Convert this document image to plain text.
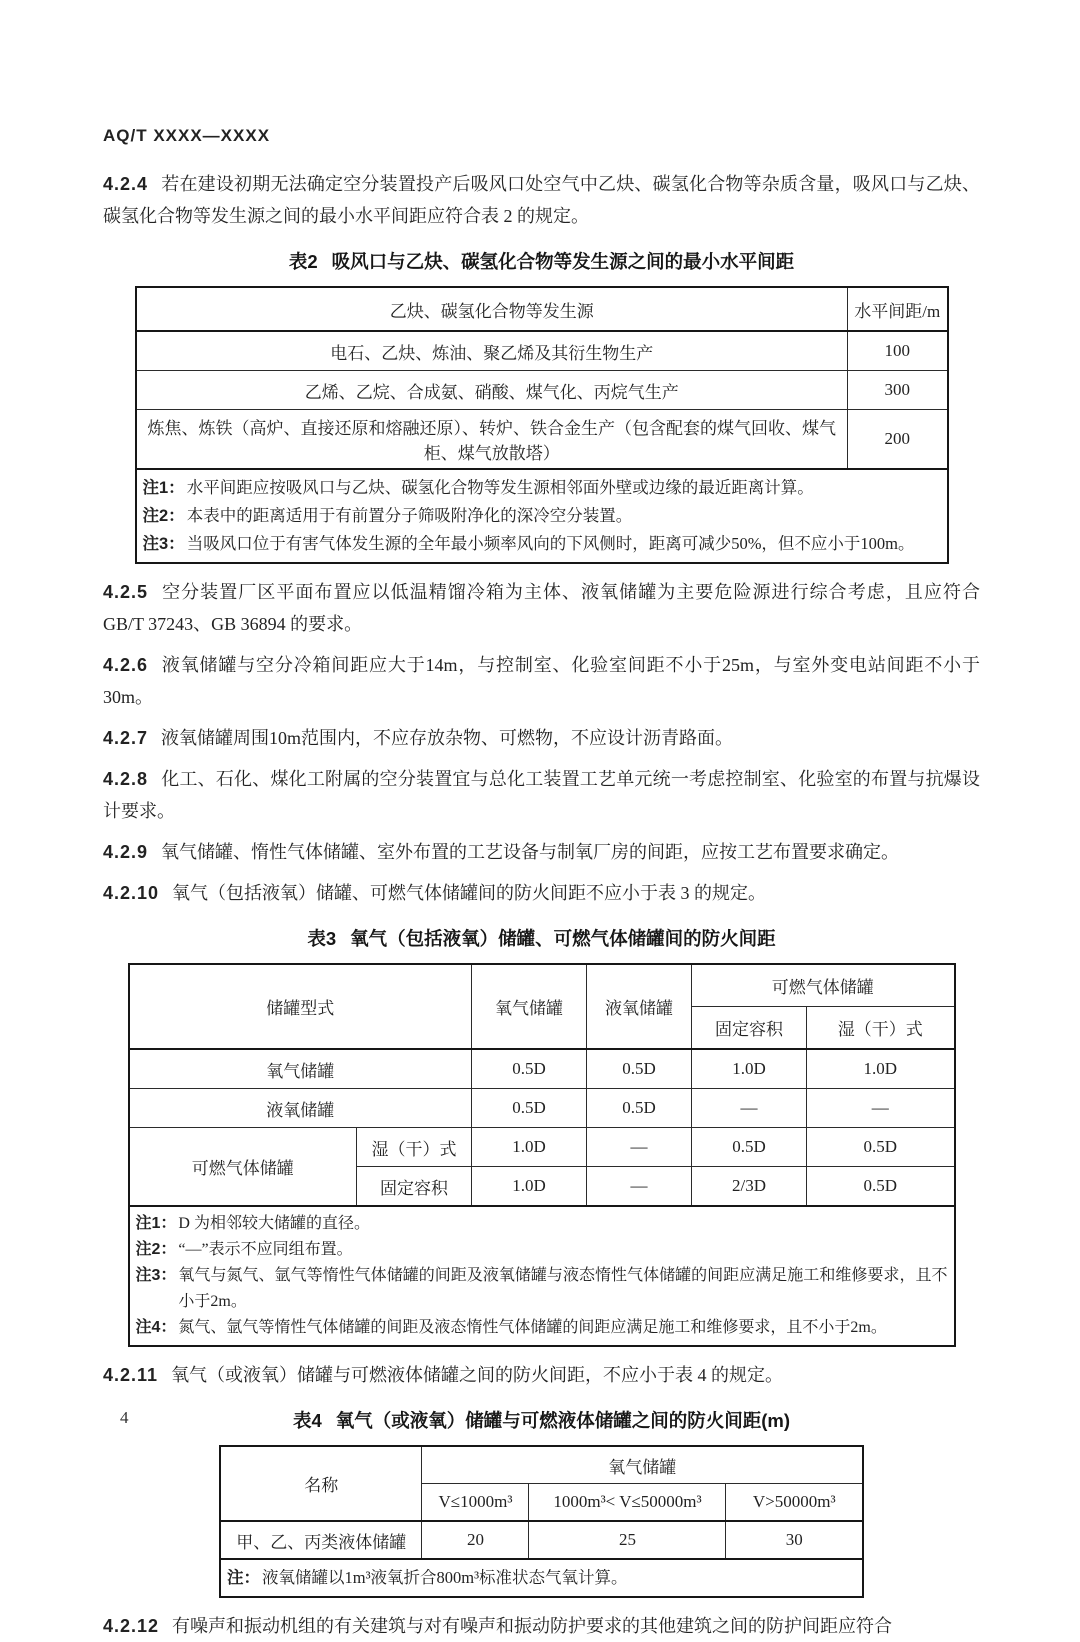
AQ/T XXXX—XXXX

4.2.4 若在建设初期无法确定空分装置投产后吸风口处空气中乙炔、碳氢化合物等杂质含量，吸风口与乙炔、碳氢化合物等发生源之间的最小水平间距应符合表 2 的规定。

表2 吸风口与乙炔、碳氢化合物等发生源之间的最小水平间距
乙炔、碳氢化合物等发生源	水平间距/m
电石、乙炔、炼油、聚乙烯及其衍生物生产	100
乙烯、乙烷、合成氨、硝酸、煤气化、丙烷气生产	300
炼焦、炼铁（高炉、直接还原和熔融还原）、转炉、铁合金生产（包含配套的煤气回收、煤气柜、煤气放散塔）	200

注1： 水平间距应按吸风口与乙炔、碳氢化合物等发生源相邻面外壁或边缘的最近距离计算。
注2： 本表中的距离适用于有前置分子筛吸附净化的深冷空分装置。
注3： 当吸风口位于有害气体发生源的全年最小频率风向的下风侧时，距离可减少50%，但不应小于100m。

4.2.5 空分装置厂区平面布置应以低温精馏冷箱为主体、液氧储罐为主要危险源进行综合考虑，且应符合 GB/T 37243、GB 36894 的要求。

4.2.6 液氧储罐与空分冷箱间距应大于14m，与控制室、化验室间距不小于25m，与室外变电站间距不小于30m。

4.2.7 液氧储罐周围10m范围内，不应存放杂物、可燃物，不应设计沥青路面。

4.2.8 化工、石化、煤化工附属的空分装置宜与总化工装置工艺单元统一考虑控制室、化验室的布置与抗爆设计要求。

4.2.9 氧气储罐、惰性气体储罐、室外布置的工艺设备与制氧厂房的间距，应按工艺布置要求确定。

4.2.10 氧气（包括液氧）储罐、可燃气体储罐间的防火间距不应小于表 3 的规定。

表3 氧气（包括液氧）储罐、可燃气体储罐间的防火间距
储罐型式		氧气储罐	液氧储罐	可燃气体储罐	
				固定容积	湿（干）式
氧气储罐		0.5D	0.5D	1.0D	1.0D
液氧储罐		0.5D	0.5D	—	—
可燃气体储罐	湿（干）式	1.0D	—	0.5D	0.5D
	固定容积	1.0D	—	2/3D	0.5D

注1： D 为相邻较大储罐的直径。
注2： “—”表示不应同组布置。
注3： 氧气与氮气、氩气等惰性气体储罐的间距及液氧储罐与液态惰性气体储罐的间距应满足施工和维修要求，且不小于2m。
注4： 氮气、氩气等惰性气体储罐的间距及液态惰性气体储罐的间距应满足施工和维修要求，且不小于2m。

4.2.11 氧气（或液氧）储罐与可燃液体储罐之间的防火间距，不应小于表 4 的规定。

表4 氧气（或液氧）储罐与可燃液体储罐之间的防火间距(m)
名称	氧气储罐		
	V≤1000m³	1000m³< V≤50000m³	V>50000m³
甲、乙、丙类液体储罐	20	25	30

注： 液氧储罐以1m³液氧折合800m³标准状态气氧计算。			

4.2.12 有噪声和振动机组的有关建筑与对有噪声和振动防护要求的其他建筑之间的防护间距应符合

4
